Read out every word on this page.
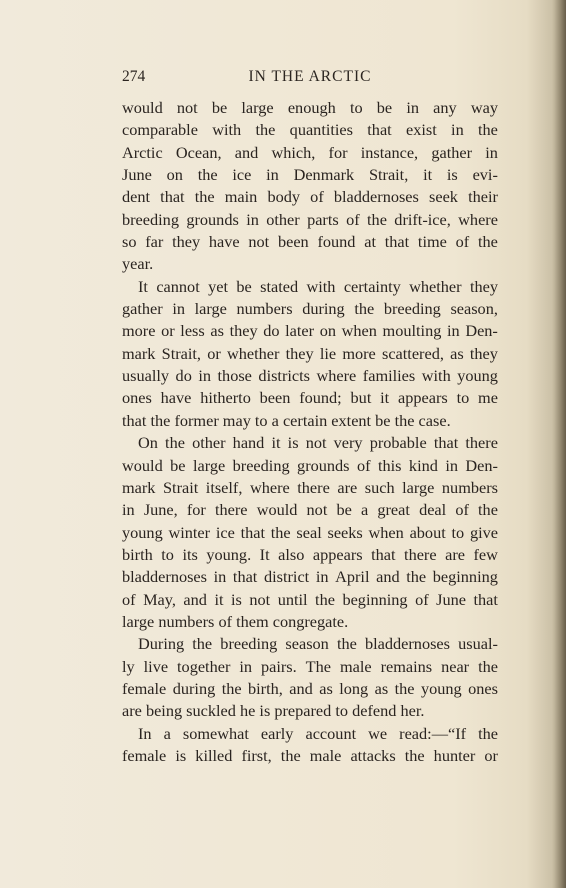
274	IN THE ARCTIC
would not be large enough to be in any way
comparable with the quantities that exist in the
Arctic Ocean, and which, for instance, gather in
June on the ice in Denmark Strait, it is evi-
dent that the main body of bladdernoses seek their
breeding grounds in other parts of the drift-ice, where
so far they have not been found at that time of the
year.
It cannot yet be stated with certainty whether they
gather in large numbers during the breeding season,
more or less as they do later on when moulting in Den-
mark Strait, or whether they lie more scattered, as they
usually do in those districts where families with young
ones have hitherto been found; but it appears to me
that the former may to a certain extent be the case.
On the other hand it is not very probable that there
would be large breeding grounds of this kind in Den-
mark Strait itself, where there are such large numbers
in June, for there would not be a great deal of the
young winter ice that the seal seeks when about to give
birth to its young. It also appears that there are few
bladdernoses in that district in April and the beginning
of May, and it is not until the beginning of June that
large numbers of them congregate.
During the breeding season the bladdernoses usual-
ly live together in pairs. The male remains near the
female during the birth, and as long as the young ones
are being suckled he is prepared to defend her.
In a somewhat early account we read:—“If the
female is killed first, the male attacks the hunter or
